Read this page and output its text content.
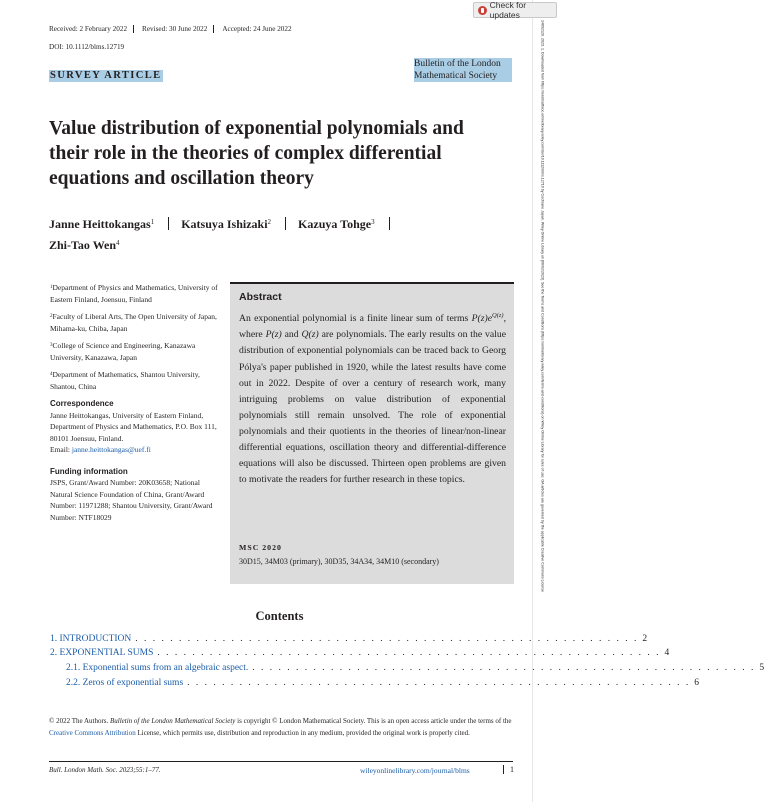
Check for updates
14692120, 2023, 1, Downloaded from https://londmathsoc.onlinelibrary.wiley.com/doi/10.1112/blms.12719 by Cochrane Japan, Wiley Online Library on [06/02/2023]. See the Terms and Conditions (https://onlinelibrary.wiley.com/terms-and-conditions) on Wiley Online Library for rules of use; OA articles are governed by the applicable Creative Commons License
Received: 2 February 2022	Revised: 30 June 2022	Accepted: 24 June 2022
DOI: 10.1112/blms.12719
SURVEY ARTICLE
Bulletin of the London
Mathematical Society
Value distribution of exponential polynomials and their role in the theories of complex differential equations and oscillation theory
Janne Heittokangas$^1$ Katsuya Ishizaki$^2$ Kazuya Tohge$^3$
Zhi-Tao Wen$^4$
$^1$Department of Physics and Mathematics, University of Eastern Finland, Joensuu, Finland
$^2$Faculty of Liberal Arts, The Open University of Japan, Mihama-ku, Chiba, Japan
$^3$College of Science and Engineering, Kanazawa University, Kanazawa, Japan
$^4$Department of Mathematics, Shantou University, Shantou, China
Correspondence
Janne Heittokangas, University of Eastern Finland, Department of Physics and Mathematics, P.O. Box 111, 80101 Joensuu, Finland.
Email: janne.heittokangas@uef.fi
Funding information
JSPS, Grant/Award Number: 20K03658; National Natural Science Foundation of China, Grant/Award Number: 11971288; Shantou University, Grant/Award Number: NTF18029
Abstract
An exponential polynomial is a finite linear sum of terms $P(z)e^{Q(z)}$, where P(z) and Q(z) are polynomials. The early results on the value distribution of exponential polynomials can be traced back to Georg Pólya's paper published in 1920, while the latest results have come out in 2022. Despite of over a century of research work, many intriguing problems on value distribution of exponential polynomials still remain unsolved. The role of exponential polynomials and their quotients in the theories of linear/non-linear differential equations, oscillation theory and differential-difference equations will also be discussed. Thirteen open problems are given to motivate the readers for further research in these topics.
MSC 2020
30D15, 34M03 (primary), 30D35, 34A34, 34M10 (secondary)
Contents
1. INTRODUCTION . . . . . . . . . . . . . . . . . . . . . . . . . . . . . . . . . . . . . . . . . . . . . . . . . . . . . . . . . . 2
2. EXPONENTIAL SUMS . . . . . . . . . . . . . . . . . . . . . . . . . . . . . . . . . . . . . . . . . . . . . . . . . . . . . . . . . . 4
2.1. Exponential sums from an algebraic aspect. . . . . . . . . . . . . . . . . . . . . . . . . . . . . . . . . . . . . . . . . . . . . . . . . . . . . . . . . . . 5
2.2. Zeros of exponential sums . . . . . . . . . . . . . . . . . . . . . . . . . . . . . . . . . . . . . . . . . . . . . . . . . . . . . . . . . . 6
© 2022 The Authors. Bulletin of the London Mathematical Society is copyright © London Mathematical Society. This is an open access article under the terms of the Creative Commons Attribution License, which permits use, distribution and reproduction in any medium, provided the original work is properly cited.
Bull. London Math. Soc. 2023;55:1–77.	wileyonlinelibrary.com/journal/blms	1
